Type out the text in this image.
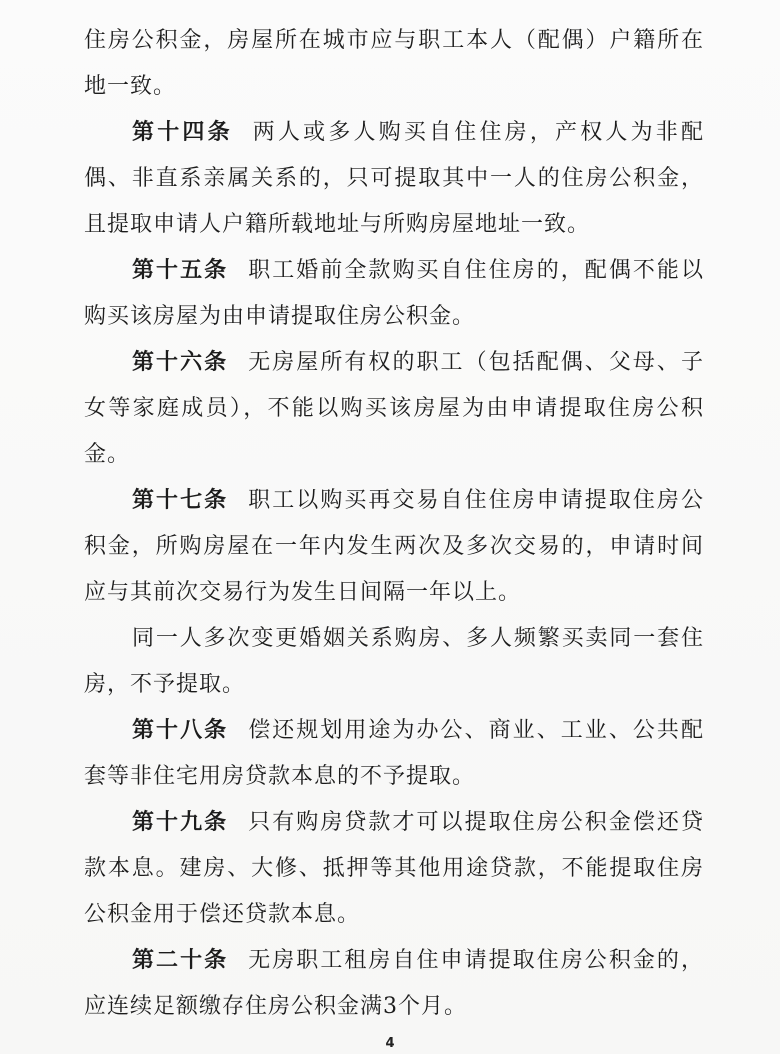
住房公积金，房屋所在城市应与职工本人（配偶）户籍所在地一致。

第十四条 两人或多人购买自住住房，产权人为非配偶、非直系亲属关系的，只可提取其中一人的住房公积金，且提取申请人户籍所载地址与所购房屋地址一致。

第十五条 职工婚前全款购买自住住房的，配偶不能以购买该房屋为由申请提取住房公积金。

第十六条 无房屋所有权的职工（包括配偶、父母、子女等家庭成员），不能以购买该房屋为由申请提取住房公积金。

第十七条 职工以购买再交易自住住房申请提取住房公积金，所购房屋在一年内发生两次及多次交易的，申请时间应与其前次交易行为发生日间隔一年以上。

同一人多次变更婚姻关系购房、多人频繁买卖同一套住房，不予提取。

第十八条 偿还规划用途为办公、商业、工业、公共配套等非住宅用房贷款本息的不予提取。

第十九条 只有购房贷款才可以提取住房公积金偿还贷款本息。建房、大修、抵押等其他用途贷款，不能提取住房公积金用于偿还贷款本息。

第二十条 无房职工租房自住申请提取住房公积金的，应连续足额缴存住房公积金满3个月。

4
